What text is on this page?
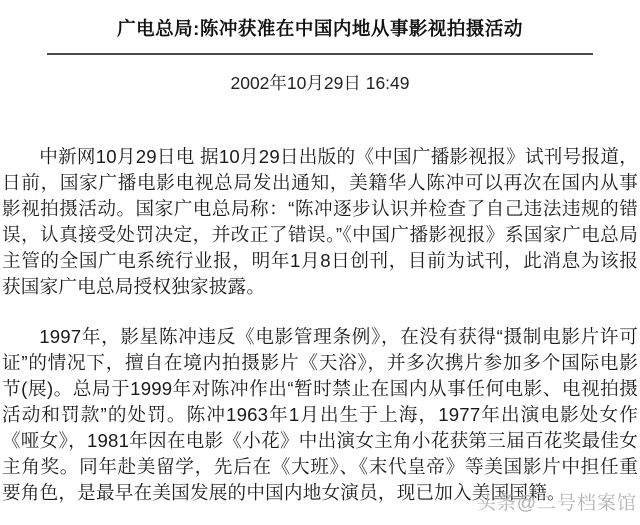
广电总局:陈冲获准在中国内地从事影视拍摄活动
2002年10月29日 16:49

中新网10月29日电 据10月29日出版的《中国广播影视报》试刊号报道，日前，国家广播电影电视总局发出通知，美籍华人陈冲可以再次在国内从事影视拍摄活动。国家广电总局称：“陈冲逐步认识并检查了自己违法违规的错误，认真接受处罚决定，并改正了错误。”《中国广播影视报》系国家广电总局主管的全国广电系统行业报，明年1月8日创刊，目前为试刊，此消息为该报获国家广电总局授权独家披露。

1997年，影星陈冲违反《电影管理条例》，在没有获得“摄制电影片许可证”的情况下，擅自在境内拍摄影片《天浴》，并多次携片参加多个国际电影节(展)。总局于1999年对陈冲作出“暂时禁止在国内从事任何电影、电视拍摄活动和罚款”的处罚。陈冲1963年1月出生于上海，1977年出演电影处女作《哑女》，1981年因在电影《小花》中出演女主角小花获第三届百花奖最佳女主角奖。同年赴美留学，先后在《大班》、《末代皇帝》等美国影片中担任重要角色，是最早在美国发展的中国内地女演员，现已加入美国国籍。

头条@二号档案馆
